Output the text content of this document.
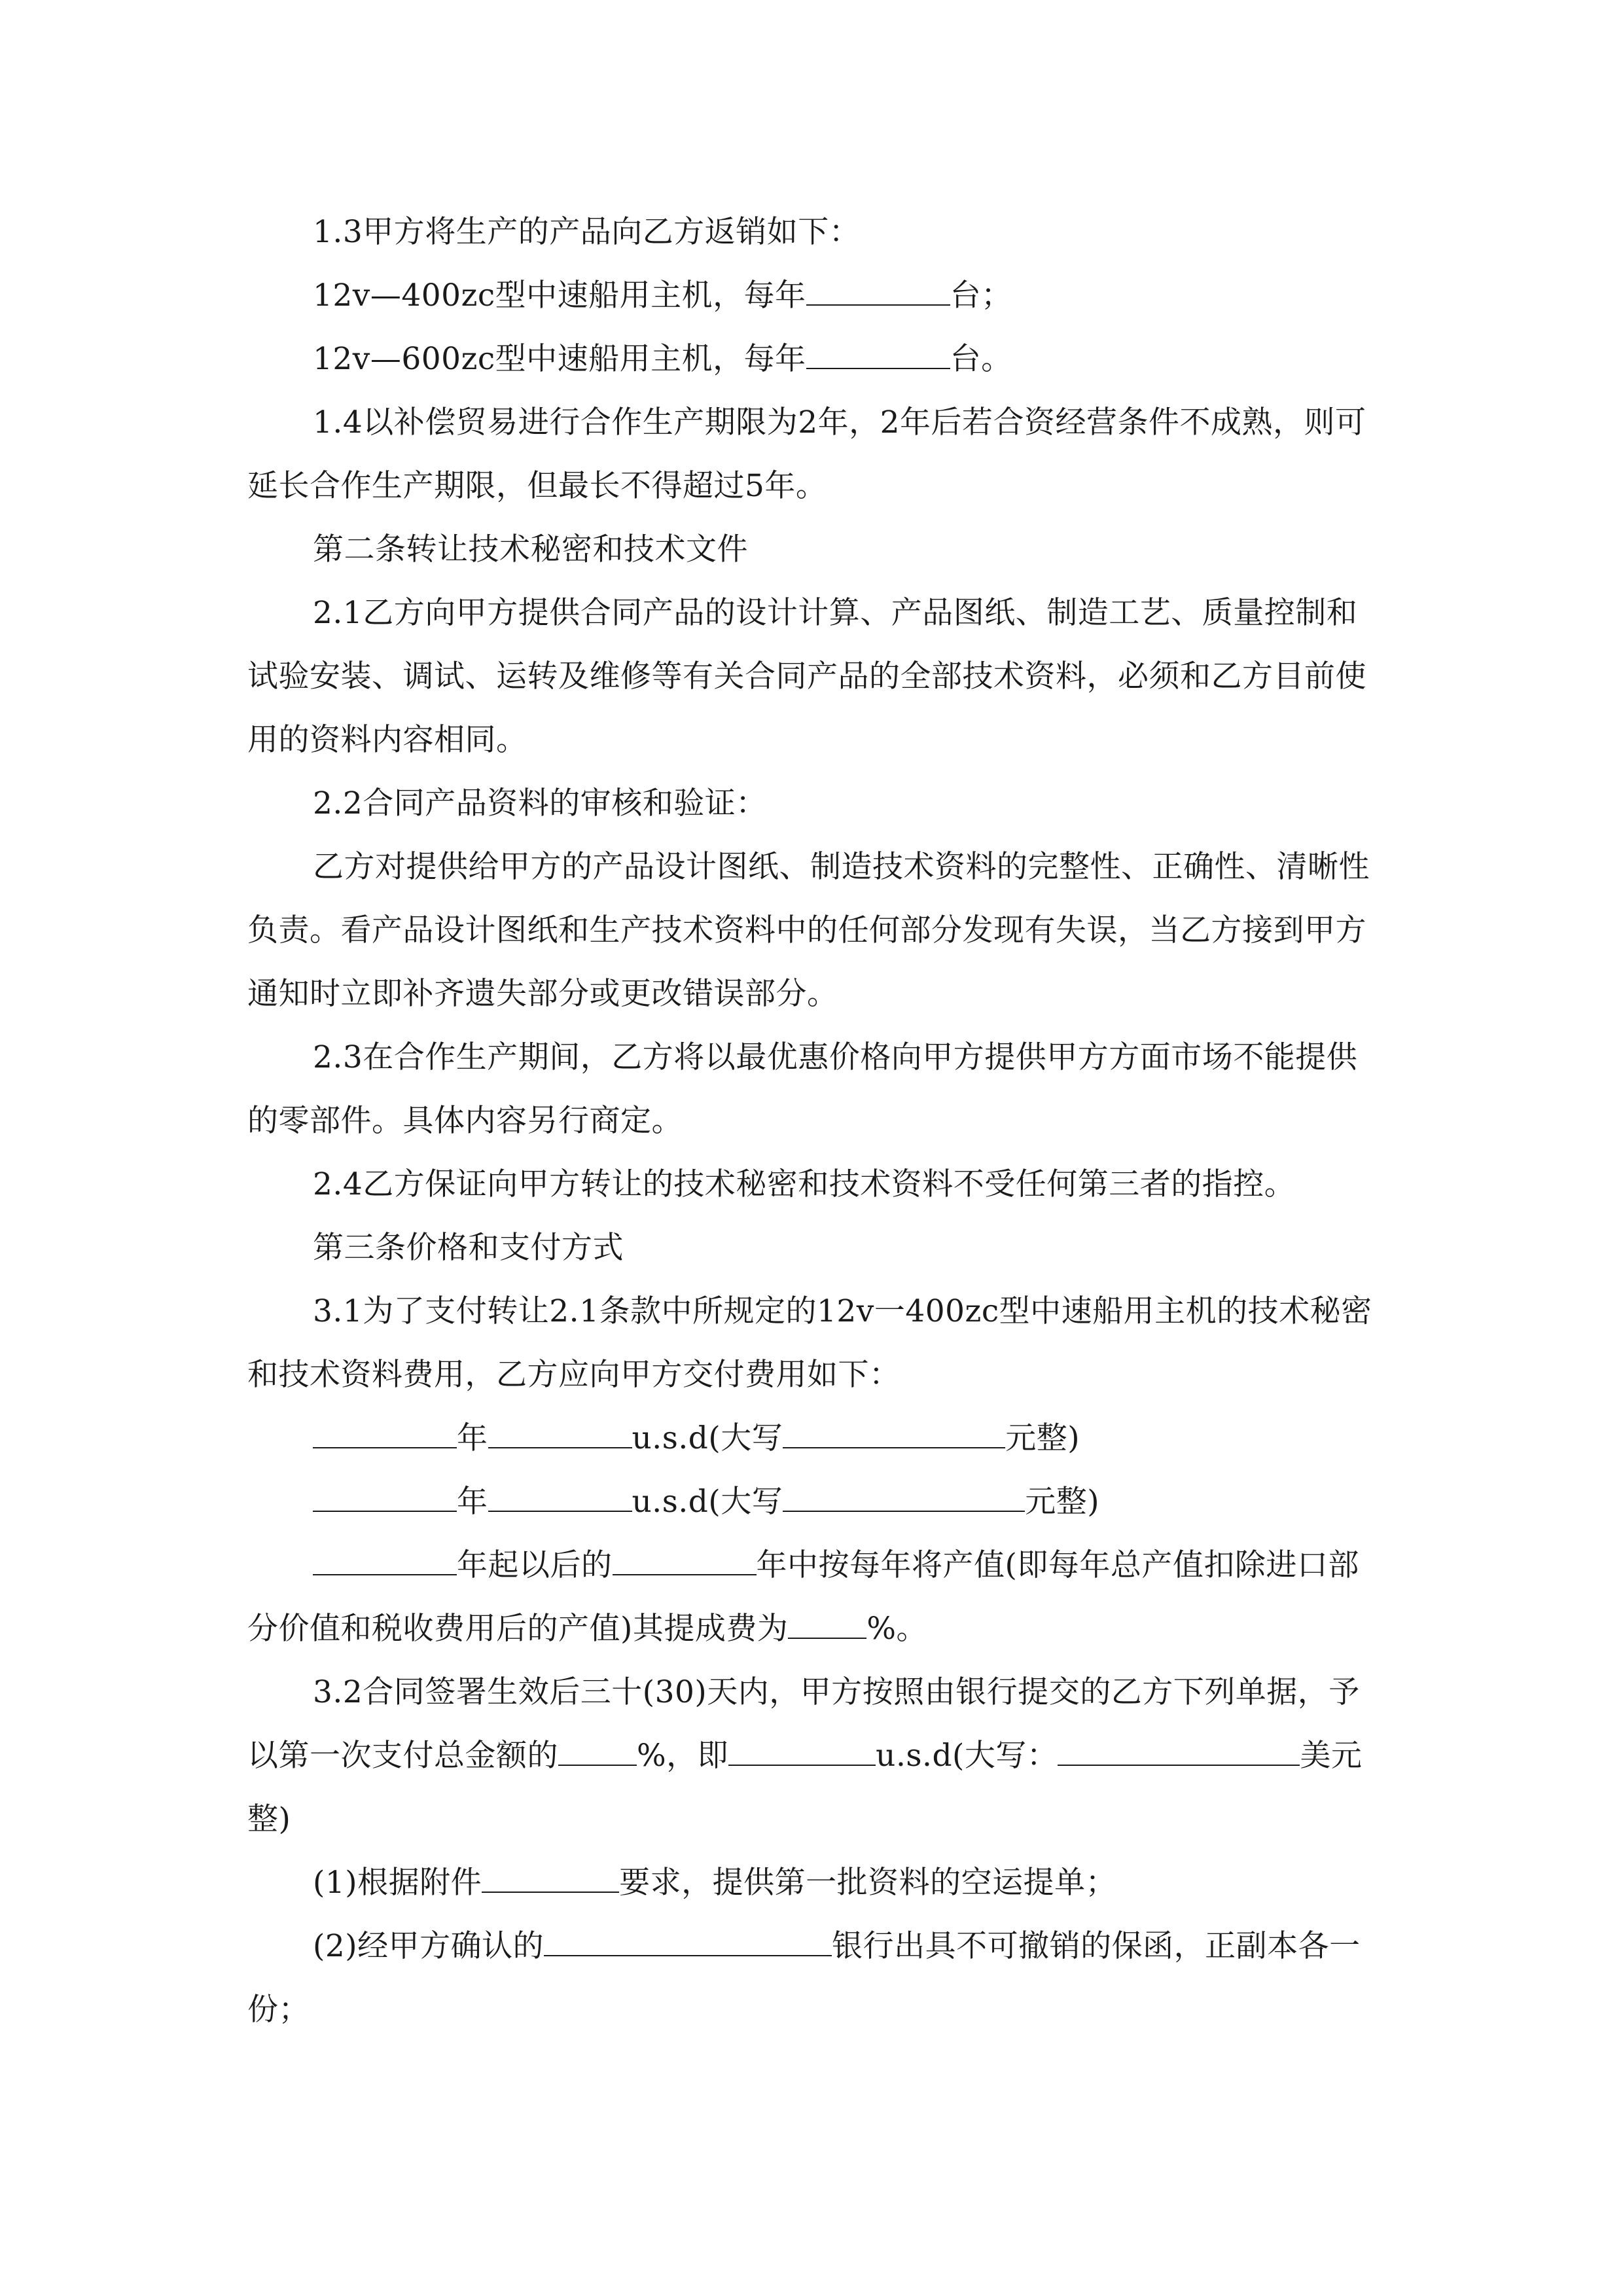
1.3甲方将生产的产品向乙方返销如下：

12v—400zc型中速船用主机，每年	台；

12v—600zc型中速船用主机，每年	台。

1.4以补偿贸易进行合作生产期限为2年，2年后若合资经营条件不成熟，则可延长合作生产期限，但最长不得超过5年。

第二条转让技术秘密和技术文件

2.1乙方向甲方提供合同产品的设计计算、产品图纸、制造工艺、质量控制和试验安装、调试、运转及维修等有关合同产品的全部技术资料，必须和乙方目前使用的资料内容相同。

2.2合同产品资料的审核和验证：

乙方对提供给甲方的产品设计图纸、制造技术资料的完整性、正确性、清晰性负责。看产品设计图纸和生产技术资料中的任何部分发现有失误，当乙方接到甲方通知时立即补齐遗失部分或更改错误部分。

2.3在合作生产期间，乙方将以最优惠价格向甲方提供甲方方面市场不能提供的零部件。具体内容另行商定。

2.4乙方保证向甲方转让的技术秘密和技术资料不受任何第三者的指控。

第三条价格和支付方式

3.1为了支付转让2.1条款中所规定的12v一400zc型中速船用主机的技术秘密和技术资料费用，乙方应向甲方交付费用如下：

年	u.s.d(大写	元整)

年	u.s.d(大写	元整)

年起以后的	年中按每年将产值(即每年总产值扣除进口部分价值和税收费用后的产值)其提成费为	%。

3.2合同签署生效后三十(30)天内，甲方按照由银行提交的乙方下列单据，予以第一次支付总金额的	%，即	u.s.d(大写：	美元整)

(1)根据附件	要求，提供第一批资料的空运提单；

(2)经甲方确认的	银行出具不可撤销的保函，正副本各一份；
